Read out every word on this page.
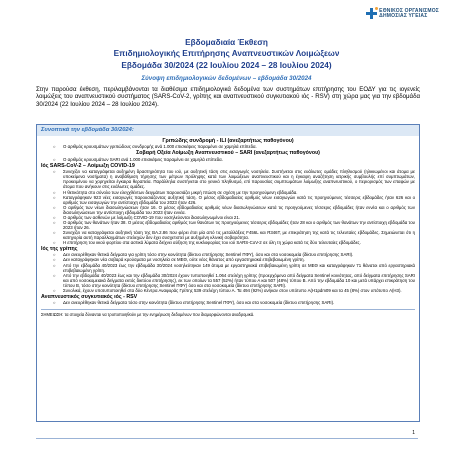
ΕΘΝΙΚΟΣ ΟΡΓΑΝΙΣΜΟΣ
ΔΗΜΟΣΙΑΣ ΥΓΕΙΑΣ
Εβδομαδιαία Έκθεση
Επιδημιολογικής Επιτήρησης Αναπνευστικών Λοιμώξεων
Εβδομάδα 30/2024 (22 Ιουλίου 2024 – 28 Ιουλίου 2024)
Σύνοψη επιδημιολογικών δεδομένων – εβδομάδα 30/2024
Στην παρούσα έκθεση, περιλαμβάνονται τα διαθέσιμα επιδημιολογικά δεδομένα των συστημάτων επιτήρησης του ΕΟΔΥ για τις ιογενείς λοιμώξεις του αναπνευστικού συστήματος (SARS-CoV-2, γρίπης και αναπνευστικού συγκυτιακού ιός - RSV) στη χώρα μας για την εβδομάδα 30/2024 (22 Ιουλίου 2024 – 28 Ιουλίου 2024).
Συνοπτικά την εβδομάδα 30/2024:
Γριπώδης συνδρομή - ILI (ανεξαρτήτως παθογόνου)
○ Ο αριθμός κρουσμάτων γριπώδους συνδρομής ανά 1.000 επισκέψεις παραμένει σε χαμηλά επίπεδα.
Σοβαρή Οξεία Λοίμωξη Αναπνευστικού – SARI (ανεξαρτήτως παθογόνου)
○ Ο αριθμός κρουσμάτων SARI ανά 1.000 επισκέψεις παραμένει σε χαμηλά επίπεδα.
Ιός SARS-CoV-2 – Λοίμωξη COVID-19
○ Συνεχίζει να καταγράφεται αυξημένη δραστηριότητα του ιού, με αυξητική τάση στις εισαγωγές νοσηλεία. Συστήνεται στις ευάλωτες ομάδες πληθυσμού (ηλικιωμένοι και άτομα με υποκείμενα νοσήματα) η αναβάθμιση τήρησης των μέτρων πρόληψης κατά των λοιμώξεων αναπνευστικού και η έγκαιρη αναζήτηση ιατρικής συμβουλής επί συμπτωμάτων, προκειμένου να χορηγείται έγκαιρα θεραπεία. Παράλληλα συστήνεται στο γενικό πληθυσμό, επί παρουσίας συμπτωμάτων λοίμωξης αναπνευστικού, ο περιορισμός των επαφών με άτομα που ανήκουν στις ευάλωτες ομάδες.
○ Η θετικότητα στο σύνολο των ελεγχθέντων δειγμάτων παρουσιάζει μικρή πτώση σε σχέση με την προηγούμενη εβδομάδα.
○ Καταγράφηκαν 923 νέες εισαγωγές παρουσιάζοντας αυξητική τάση. Ο μέσος εβδομαδιαίος αριθμός νέων εισαγωγών κατά τις προηγούμενες τέσσερις εβδομάδες ήταν 626 και ο αριθμός των εισαγωγών την αντίστοιχη εβδομάδα του 2023 ήταν 426.
○ Ο αριθμός των νέων διασωληνώσεων ήταν 16. Ο μέσος εβδομαδιαίος αριθμός νέων διασωληνώσεων κατά τις προηγούμενες τέσσερις εβδομάδες ήταν εννέα και ο αριθμός των διασωληνώσεων την αντίστοιχη εβδομάδα του 2023 ήταν εννέα.
○ Ο αριθμός των ασθενών με λοίμωξη COVID-19 που νοσηλεύονται διασωληνωμένοι είναι 21.
○ Ο αριθμός των θανάτων ήταν 38. Ο μέσος εβδομαδιαίος αριθμός των θανάτων τις προηγούμενες τέσσερις εβδομάδες ήταν 28 και ο αριθμός των θανάτων την αντίστοιχη εβδομάδα του 2023 ήταν 26.
○ Συνεχίζει να καταγράφεται αυξητική τάση της BA.2.86 που φέρει έτσι μία από τις μεταλλάξεις F456L και R346T, με επικράτηση της κατά τις τελευταίες εβδομάδες. Σημειώνεται ότι η κατηγορία αυτή παραλλαγμάτων στελεχών δεν έχει συσχετιστεί με αυξημένη κλινική σοβαρότητα.
○ Η επιτήρηση του ιικού φορτίου στα αστικά λύματα δείχνει αύξηση της κυκλοφορίας του ιού SARS-CoV-2 σε όλη τη χώρα κατά τις δύο τελευταίες εβδομάδες.
Ιός της γρίπης
○ Δεν ανευρέθηκαν θετικά δείγματα για γρίπη τόσο στην κοινότητα (δίκτυο επιτήρησης Sentinel ΠΦΥ), όσο και στα νοσοκομεία (δίκτυο επιτήρησης SARI).
○ Δεν καταγράφηκαν νέα σοβαρά κρούσματα με νοσηλεία σε ΜΕΘ, ούτε νέος θάνατος από εργαστηριακά επιβεβαιωμένη γρίπη.
○ Από την εβδομάδα 40/2023 έως την εβδομάδα 30/2024 νοσηλεύτηκαν 149 άτομα με εργαστηριακά επιβεβαιωμένη γρίπη σε ΜΕΘ και καταγράφηκαν 71 θάνατοι από εργαστηριακά επιβεβαιωμένη γρίπη.
○ Από την εβδομάδα 40/2023 έως και την εβδομάδα 30/2024 έχουν τυποποιηθεί 1.064 στελέχη γρίπης (προερχόμενα από δείγματα Sentinel κοινότητας, από δείγματα επιτήρησης SARI και από νοσοκομειακά δείγματα εκτός δικτύου επιτήρησης), εκ των οποίων τα 557 (52%) ήταν τύπου Α και 507 (48%) τύπου Β. Από την εβδομάδα 10 και μετά υπάρχει επικράτηση του τύπου Β, τόσο στην κοινότητα (δίκτυο επιτήρησης Sentinel ΠΦΥ) όσο και στα νοσοκομεία (δίκτυο επιτήρησης SARI).
○ Συνολικά, έχουν υποτυποποιηθεί στα δύο Κέντρα Αναφοράς Γρίπης 539 στελέχη τύπου Α. Τα 494 (92%) ανήκαν στον υπότυπο A(H1pdm09 και τα 45 (8%) στον υπότυπο A(H3).
Αναπνευστικός συγκυτιακός ιός - RSV
○ Δεν ανευρέθηκαν θετικά δείγματα τόσο στην κοινότητα (δίκτυο επιτήρησης Sentinel ΠΦΥ), όσο και στα νοσοκομεία (δίκτυο επιτήρησης SARI).
ΣΗΜΕΙΩΣΗ: τα στοιχεία δύνανται να τροποποιηθούν με την ενημέρωση δεδομένων που διαμορφώνονται αναδρομικά.
1
